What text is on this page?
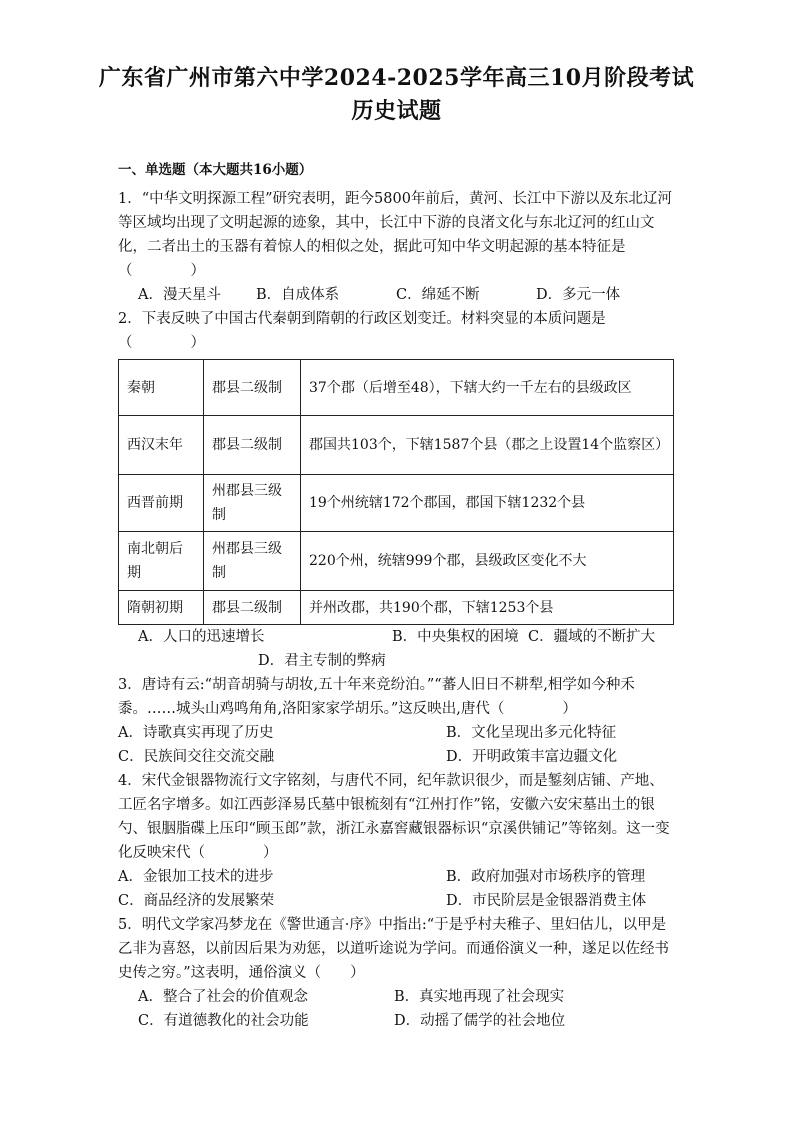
广东省广州市第六中学2024-2025学年高三10月阶段考试
历史试题
一、单选题（本大题共16小题）

1．“中华文明探源工程”研究表明，距今5800年前后，黄河、长江中下游以及东北辽河等区域均出现了文明起源的迹象，其中，长江中下游的良渚文化与东北辽河的红山文化，二者出土的玉器有着惊人的相似之处，据此可知中华文明起源的基本特征是（　　　　）

A．漫天星斗	B．自成体系	C．绵延不断	D．多元一体

2．下表反映了中国古代秦朝到隋朝的行政区划变迁。材料突显的本质问题是（　　　　）

秦朝	郡县二级制	37个郡（后增至48），下辖大约一千左右的县级政区
西汉末年	郡县二级制	郡国共103个，下辖1587个县（郡之上设置14个监察区）
西晋前期	州郡县三级制	19个州统辖172个郡国，郡国下辖1232个县
南北朝后期	州郡县三级制	220个州，统辖999个郡，县级政区变化不大
隋朝初期	郡县二级制	并州改郡，共190个郡，下辖1253个县
A．人口的迅速增长	B．中央集权的困境 C．疆域的不断扩大
D．君主专制的弊病

3．唐诗有云:“胡音胡骑与胡妆,五十年来竞纷泊。”“蕃人旧日不耕犁,相学如今种禾黍。……城头山鸡鸣角角,洛阳家家学胡乐。”这反映出,唐代（　　　　）

A．诗歌真实再现了历史	B．文化呈现出多元化特征
C．民族间交往交流交融	D．开明政策丰富边疆文化

4．宋代金银器物流行文字铭刻，与唐代不同，纪年款识很少，而是錾刻店铺、产地、工匠名字增多。如江西彭泽易氏墓中银梳刻有“江州打作”铭，安徽六安宋墓出土的银勺、银胭脂碟上压印“顾玉郎”款，浙江永嘉窖藏银器标识“京溪供铺记”等铭刻。这一变化反映宋代（　　　　）

A．金银加工技术的进步	B．政府加强对市场秩序的管理
C．商品经济的发展繁荣	D．市民阶层是金银器消费主体

5．明代文学家冯梦龙在《警世通言·序》中指出:“于是乎村夫稚子、里妇估儿，以甲是乙非为喜怒，以前因后果为劝惩，以道听途说为学问。而通俗演义一种，遂足以佐经书史传之穷。”这表明，通俗演义（　　）

A．整合了社会的价值观念	B．真实地再现了社会现实
C．有道德教化的社会功能	D．动摇了儒学的社会地位
